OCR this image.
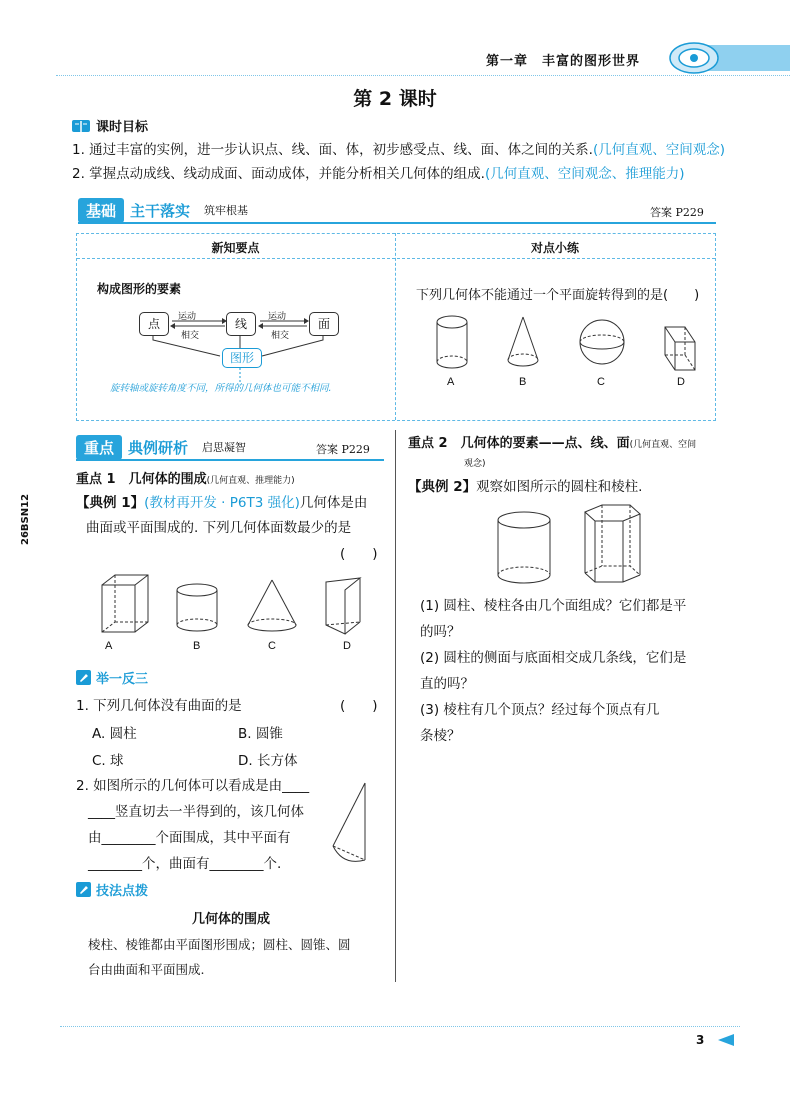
第一章　丰富的图形世界
第 2 课时
26BSN12
课时目标
1. 通过丰富的实例，进一步认识点、线、面、体，初步感受点、线、面、体之间的关系.(几何直观、空间观念)
2. 掌握点动成线、线动成面、面动成体，并能分析相关几何体的组成.(几何直观、空间观念、推理能力)
基础 主干落实 筑牢根基	答案 P229
新知要点	对点小练
构成图形的要素
点	线	面
图形
运动
相交
运动
相交
旋转轴或旋转角度不同，所得的几何体也可能不相同.
下列几何体不能通过一个平面旋转得到的是(　　)
A	B	C	D
重点 典例研析 启思凝智	答案 P229
重点 1　几何体的围成(几何直观、推理能力)
【典例 1】(教材再开发 · P6T3 强化)几何体是由
曲面或平面围成的. 下列几何体面数最少的是
(　　)
A	B	C	D
举一反三
1. 下列几何体没有曲面的是	(　　)
A. 圆柱	B. 圆锥
C. 球	D. 长方体
2. 如图所示的几何体可以看成是由____
____竖直切去一半得到的，该几何体
由________个面围成，其中平面有
________个，曲面有________个.
技法点拨
几何体的围成
棱柱、棱锥都由平面图形围成；圆柱、圆锥、圆
台由曲面和平面围成.
重点 2　几何体的要素——点、线、面(几何直观、空间
观念)
【典例 2】观察如图所示的圆柱和棱柱.
(1) 圆柱、棱柱各由几个面组成？它们都是平
的吗？
(2) 圆柱的侧面与底面相交成几条线，它们是
直的吗？
(3) 棱柱有几个顶点？经过每个顶点有几
条棱？
3
